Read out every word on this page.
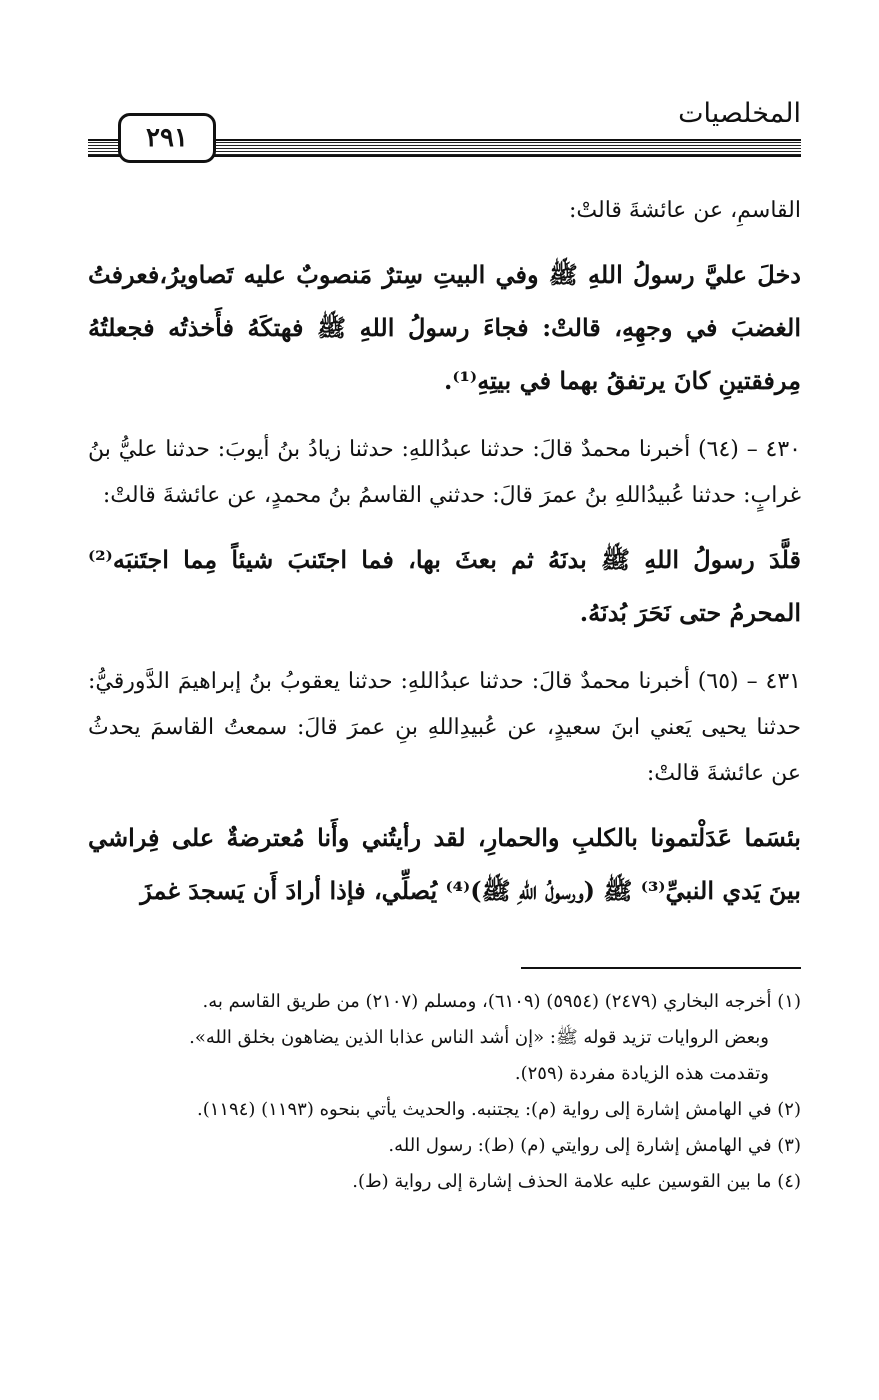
المخلصيات
٢٩١

القاسمِ، عن عائشةَ قالتْ:

دخلَ عليَّ رسولُ اللهِ ﷺ وفي البيتِ سِترٌ مَنصوبٌ عليه تَصاويرُ،فعرفتُ الغضبَ في وجهِهِ، قالتْ: فجاءَ رسولُ اللهِ ﷺ فهتكَهُ فأَخذتُه فجعلتُهُ مِرفقتينِ كانَ يرتفقُ بهما في بيتِهِ⁽¹⁾.

٤٣٠ – (٦٤) أخبرنا محمدٌ قالَ: حدثنا عبدُاللهِ: حدثنا زيادُ بنُ أيوبَ: حدثنا عليُّ بنُ غرابٍ: حدثنا عُبيدُاللهِ بنُ عمرَ قالَ: حدثني القاسمُ بنُ محمدٍ، عن عائشةَ قالتْ:

قلَّدَ رسولُ اللهِ ﷺ بدنَهُ ثم بعثَ بها، فما اجتَنبَ شيئاً مِما اجتَنبَه⁽²⁾ المحرمُ حتى نَحَرَ بُدنَهُ.

٤٣١ – (٦٥) أخبرنا محمدٌ قالَ: حدثنا عبدُاللهِ: حدثنا يعقوبُ بنُ إبراهيمَ الدَّورقيُّ: حدثنا يحيى يَعني ابنَ سعيدٍ، عن عُبيدِاللهِ بنِ عمرَ قالَ: سمعتُ القاسمَ يحدثُ عن عائشةَ قالتْ:

بئسَما عَدَلْتمونا بالكلبِ والحمارِ، لقد رأيتُني وأَنا مُعترضةٌ على فِراشي بينَ يَدي النبيِّ⁽³⁾ ﷺ (ورسولُ اللهِ ﷺ)⁽⁴⁾ يُصلِّي، فإذا أرادَ أَن يَسجدَ غمزَ

(١) أخرجه البخاري (٢٤٧٩) (٥٩٥٤) (٦١٠٩)، ومسلم (٢١٠٧) من طريق القاسم به.

وبعض الروايات تزيد قوله ﷺ: «إن أشد الناس عذابا الذين يضاهون بخلق الله».

وتقدمت هذه الزيادة مفردة (٢٥٩).

(٢) في الهامش إشارة إلى رواية (م): يجتنبه. والحديث يأتي بنحوه (١١٩٣) (١١٩٤).

(٣) في الهامش إشارة إلى روايتي (م) (ط): رسول الله.

(٤) ما بين القوسين عليه علامة الحذف إشارة إلى رواية (ط).
